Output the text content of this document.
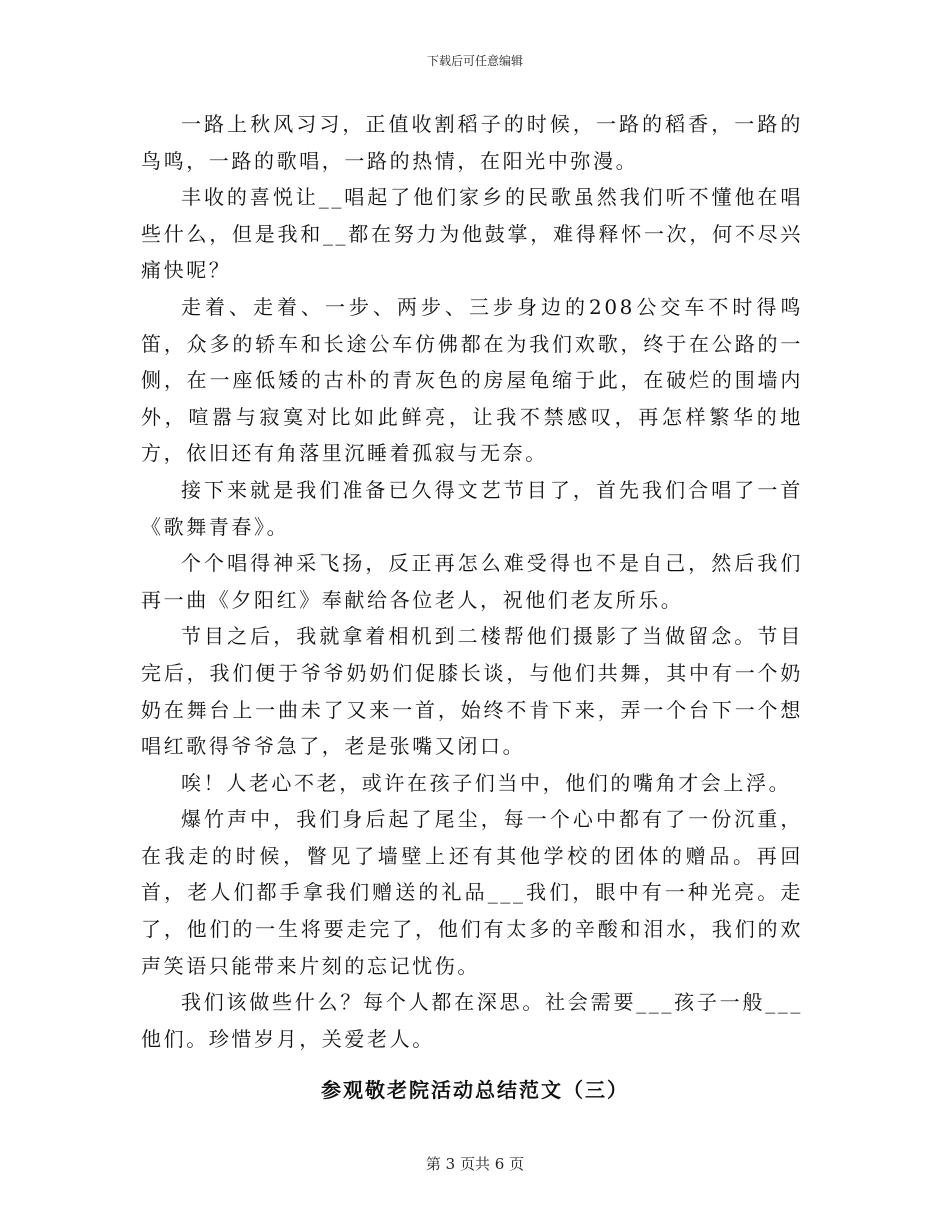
下载后可任意编辑

一路上秋风习习，正值收割稻子的时候，一路的稻香，一路的鸟鸣，一路的歌唱，一路的热情，在阳光中弥漫。

丰收的喜悦让__唱起了他们家乡的民歌虽然我们听不懂他在唱些什么，但是我和__都在努力为他鼓掌，难得释怀一次，何不尽兴痛快呢？

走着、走着、一步、两步、三步身边的208公交车不时得鸣笛，众多的轿车和长途公车仿佛都在为我们欢歌，终于在公路的一侧，在一座低矮的古朴的青灰色的房屋龟缩于此，在破烂的围墙内外，喧嚣与寂寞对比如此鲜亮，让我不禁感叹，再怎样繁华的地方，依旧还有角落里沉睡着孤寂与无奈。

接下来就是我们准备已久得文艺节目了，首先我们合唱了一首《歌舞青春》。

个个唱得神采飞扬，反正再怎么难受得也不是自己，然后我们再一曲《夕阳红》奉献给各位老人，祝他们老友所乐。

节目之后，我就拿着相机到二楼帮他们摄影了当做留念。节目完后，我们便于爷爷奶奶们促膝长谈，与他们共舞，其中有一个奶奶在舞台上一曲未了又来一首，始终不肯下来，弄一个台下一个想唱红歌得爷爷急了，老是张嘴又闭口。

唉！人老心不老，或许在孩子们当中，他们的嘴角才会上浮。

爆竹声中，我们身后起了尾尘，每一个心中都有了一份沉重，在我走的时候，瞥见了墙壁上还有其他学校的团体的赠品。再回首，老人们都手拿我们赠送的礼品___我们，眼中有一种光亮。走了，他们的一生将要走完了，他们有太多的辛酸和泪水，我们的欢声笑语只能带来片刻的忘记忧伤。

我们该做些什么？每个人都在深思。社会需要___孩子一般___他们。珍惜岁月，关爱老人。

参观敬老院活动总结范文（三）
第 3 页共 6 页
